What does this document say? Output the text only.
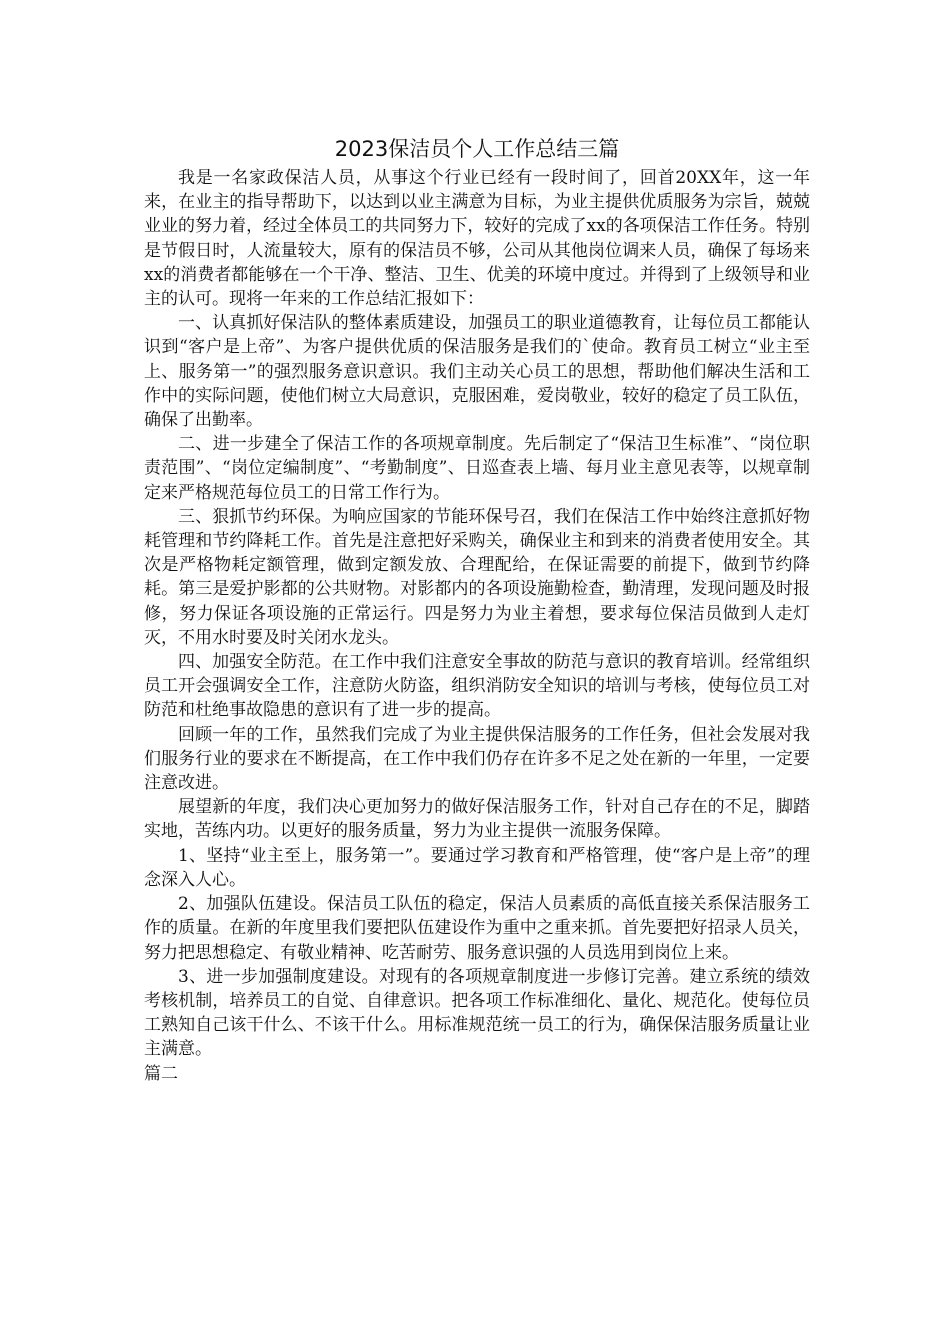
2023保洁员个人工作总结三篇

我是一名家政保洁人员，从事这个行业已经有一段时间了，回首20XX年，这一年来，在业主的指导帮助下，以达到以业主满意为目标，为业主提供优质服务为宗旨，兢兢业业的努力着，经过全体员工的共同努力下，较好的完成了xx的各项保洁工作任务。特别是节假日时，人流量较大，原有的保洁员不够，公司从其他岗位调来人员，确保了每场来xx的消费者都能够在一个干净、整洁、卫生、优美的环境中度过。并得到了上级领导和业主的认可。现将一年来的工作总结汇报如下：

一、认真抓好保洁队的整体素质建设，加强员工的职业道德教育，让每位员工都能认识到“客户是上帝”、为客户提供优质的保洁服务是我们的`使命。教育员工树立“业主至上、服务第一”的强烈服务意识意识。我们主动关心员工的思想，帮助他们解决生活和工作中的实际问题，使他们树立大局意识，克服困难，爱岗敬业，较好的稳定了员工队伍，确保了出勤率。

二、进一步建全了保洁工作的各项规章制度。先后制定了“保洁卫生标准”、“岗位职责范围”、“岗位定编制度”、“考勤制度”、日巡查表上墙、每月业主意见表等，以规章制定来严格规范每位员工的日常工作行为。

三、狠抓节约环保。为响应国家的节能环保号召，我们在保洁工作中始终注意抓好物耗管理和节约降耗工作。首先是注意把好采购关，确保业主和到来的消费者使用安全。其次是严格物耗定额管理，做到定额发放、合理配给，在保证需要的前提下，做到节约降耗。第三是爱护影都的公共财物。对影都内的各项设施勤检查，勤清理，发现问题及时报修，努力保证各项设施的正常运行。四是努力为业主着想，要求每位保洁员做到人走灯灭，不用水时要及时关闭水龙头。

四、加强安全防范。在工作中我们注意安全事故的防范与意识的教育培训。经常组织员工开会强调安全工作，注意防火防盗，组织消防安全知识的培训与考核，使每位员工对防范和杜绝事故隐患的意识有了进一步的提高。

回顾一年的工作，虽然我们完成了为业主提供保洁服务的工作任务，但社会发展对我们服务行业的要求在不断提高，在工作中我们仍存在许多不足之处在新的一年里，一定要注意改进。

展望新的年度，我们决心更加努力的做好保洁服务工作，针对自己存在的不足，脚踏实地，苦练内功。以更好的服务质量，努力为业主提供一流服务保障。

1、坚持“业主至上，服务第一”。要通过学习教育和严格管理，使“客户是上帝”的理念深入人心。

2、加强队伍建设。保洁员工队伍的稳定，保洁人员素质的高低直接关系保洁服务工作的质量。在新的年度里我们要把队伍建设作为重中之重来抓。首先要把好招录人员关，努力把思想稳定、有敬业精神、吃苦耐劳、服务意识强的人员选用到岗位上来。

3、进一步加强制度建设。对现有的各项规章制度进一步修订完善。建立系统的绩效考核机制，培养员工的自觉、自律意识。把各项工作标准细化、量化、规范化。使每位员工熟知自己该干什么、不该干什么。用标准规范统一员工的行为，确保保洁服务质量让业主满意。

篇二
